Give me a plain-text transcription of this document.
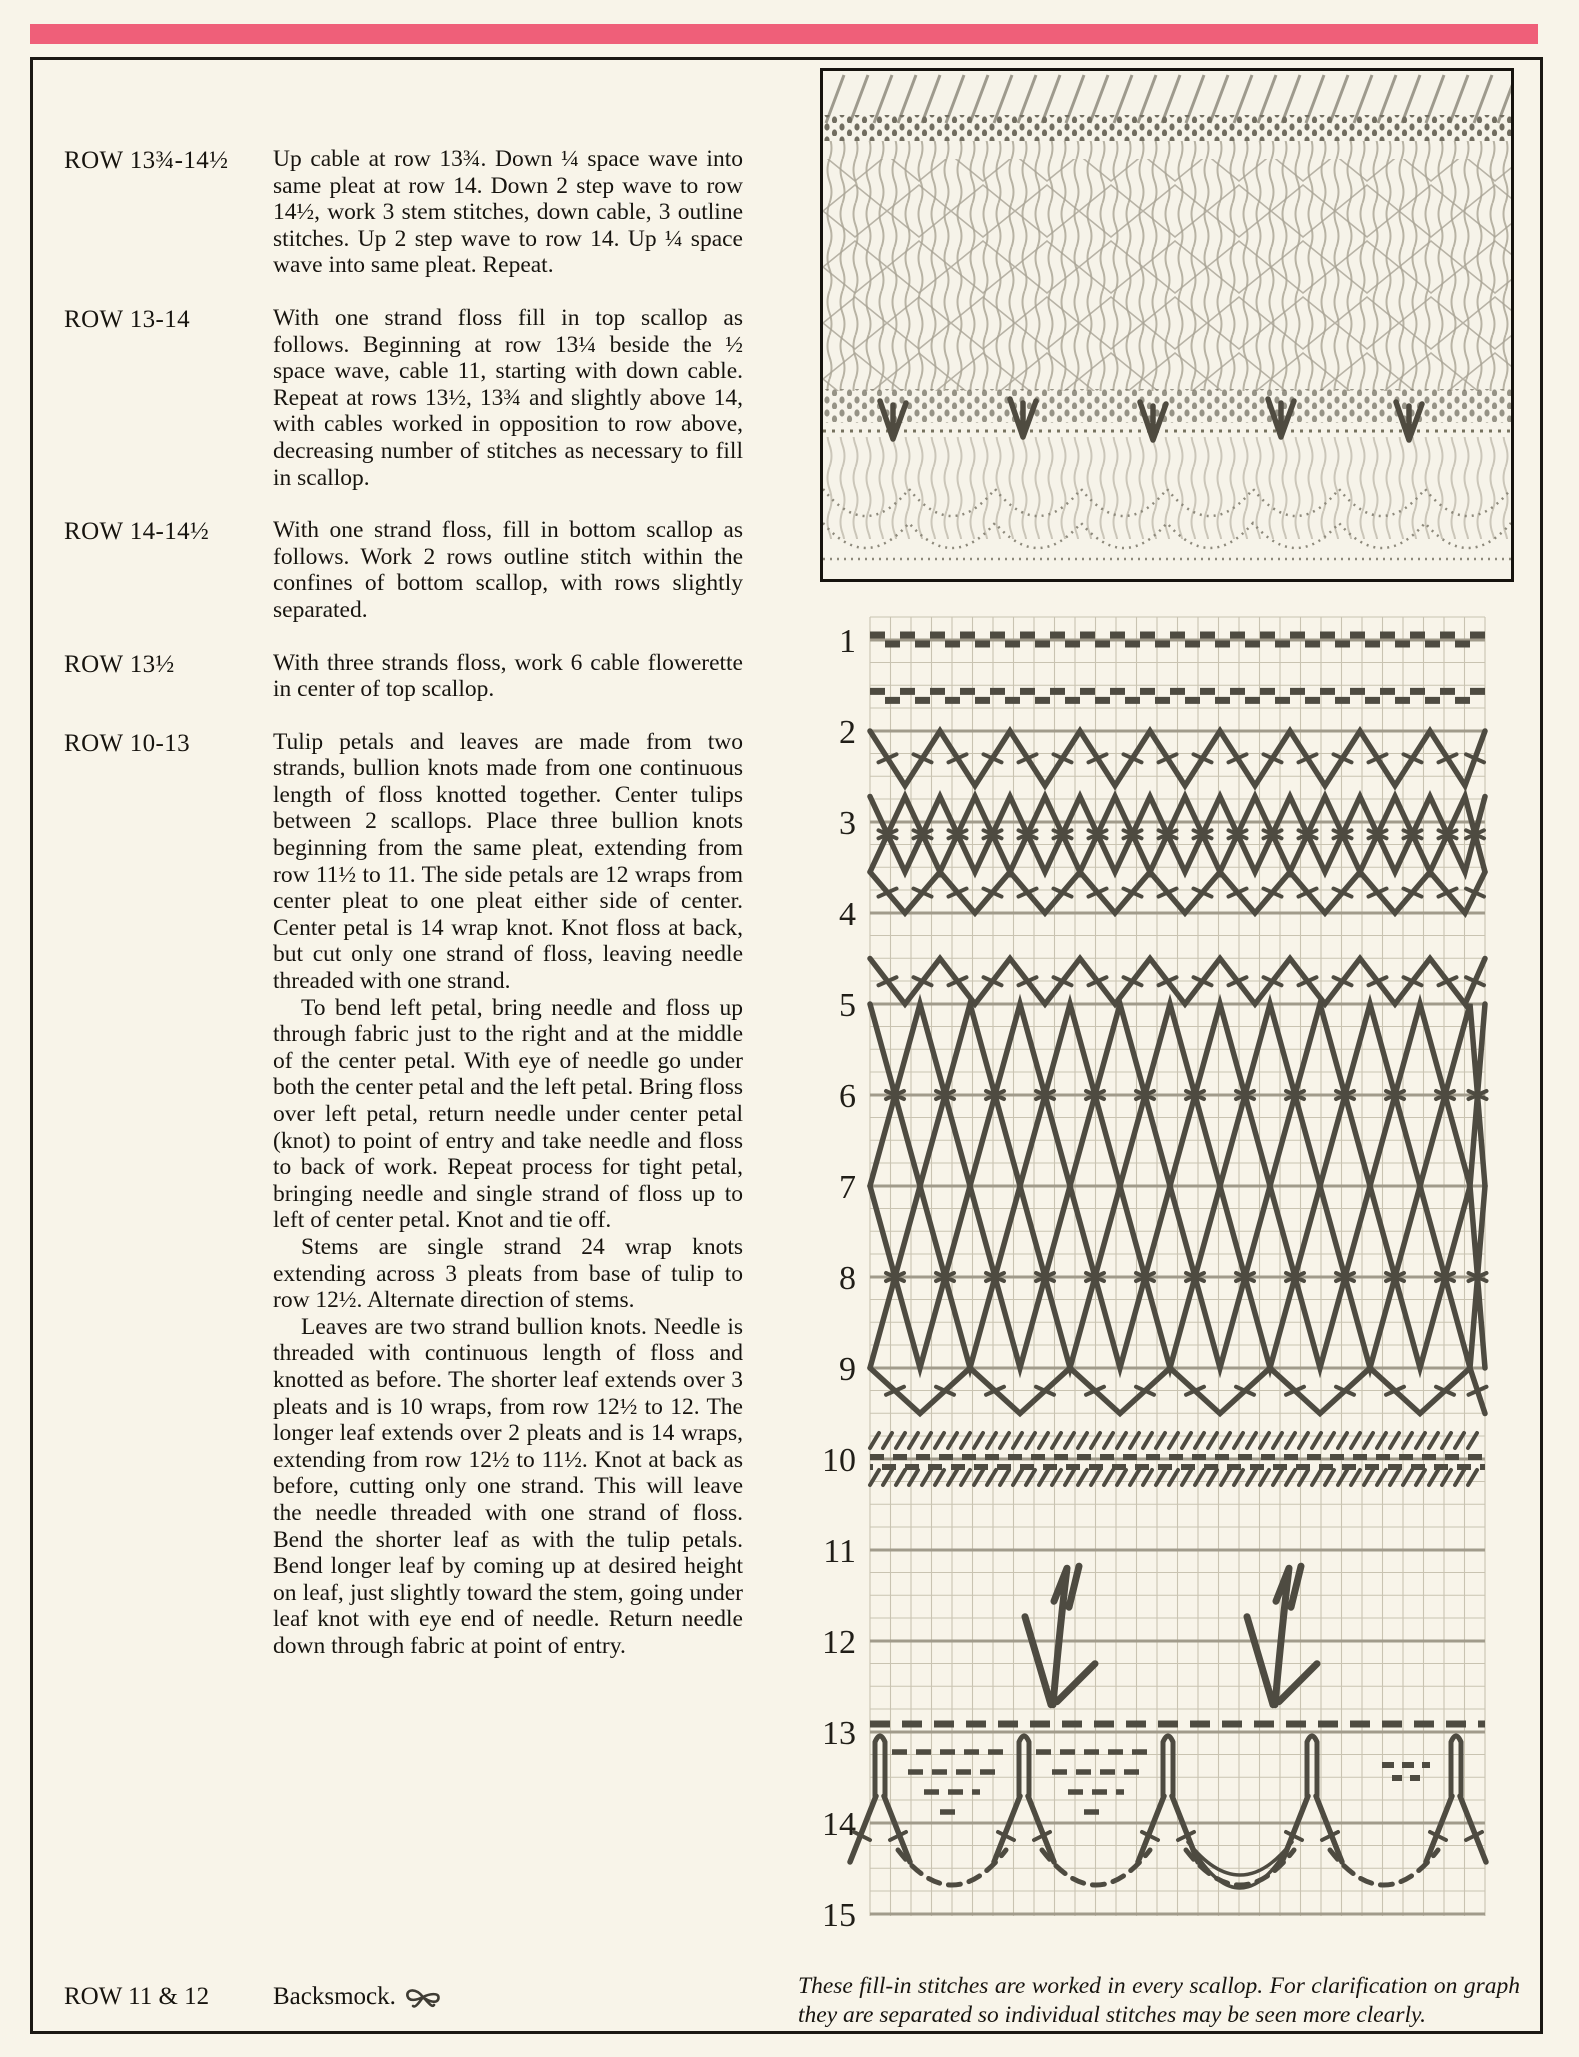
ROW 13¾-14½	Up cable at row 13¾. Down ¼ space wave into same pleat at row 14. Down 2 step wave to row 14½, work 3 stem stitches, down cable, 3 outline stitches. Up 2 step wave to row 14. Up ¼ space wave into same pleat. Repeat.

ROW 13-14	With one strand floss fill in top scallop as follows. Beginning at row 13¼ beside the ½ space wave, cable 11, starting with down cable. Repeat at rows 13½, 13¾ and slightly above 14, with cables worked in opposition to row above, decreasing number of stitches as necessary to fill in scallop.

ROW 14-14½	With one strand floss, fill in bottom scallop as follows. Work 2 rows outline stitch within the confines of bottom scallop, with rows slightly separated.

ROW 13½	With three strands floss, work 6 cable flowerette in center of top scallop.

ROW 10-13	Tulip petals and leaves are made from two strands, bullion knots made from one continuous length of floss knotted together. Center tulips between 2 scallops. Place three bullion knots beginning from the same pleat, extending from row 11½ to 11. The side petals are 12 wraps from center pleat to one pleat either side of center. Center petal is 14 wrap knot. Knot floss at back, but cut only one strand of floss, leaving needle threaded with one strand.

To bend left petal, bring needle and floss up through fabric just to the right and at the middle of the center petal. With eye of needle go under both the center petal and the left petal. Bring floss over left petal, return needle under center petal (knot) to point of entry and take needle and floss to back of work. Repeat process for tight petal, bringing needle and single strand of floss up to left of center petal. Knot and tie off.

Stems are single strand 24 wrap knots extending across 3 pleats from base of tulip to row 12½. Alternate direction of stems.

Leaves are two strand bullion knots. Needle is threaded with continuous length of floss and knotted as before. The shorter leaf extends over 3 pleats and is 10 wraps, from row 12½ to 12. The longer leaf extends over 2 pleats and is 14 wraps, extending from row 12½ to 11½. Knot at back as before, cutting only one strand. This will leave the needle threaded with one strand of floss. Bend the shorter leaf as with the tulip petals. Bend longer leaf by coming up at desired height on leaf, just slightly toward the stem, going under leaf knot with eye end of needle. Return needle down through fabric at point of entry.

ROW 11 & 12	Backsmock.
1
2
3
4
5
6
7
8
9
10
11
12
13
14
15

These fill-in stitches are worked in every scallop. For clarification on graph they are separated so individual stitches may be seen more clearly.
